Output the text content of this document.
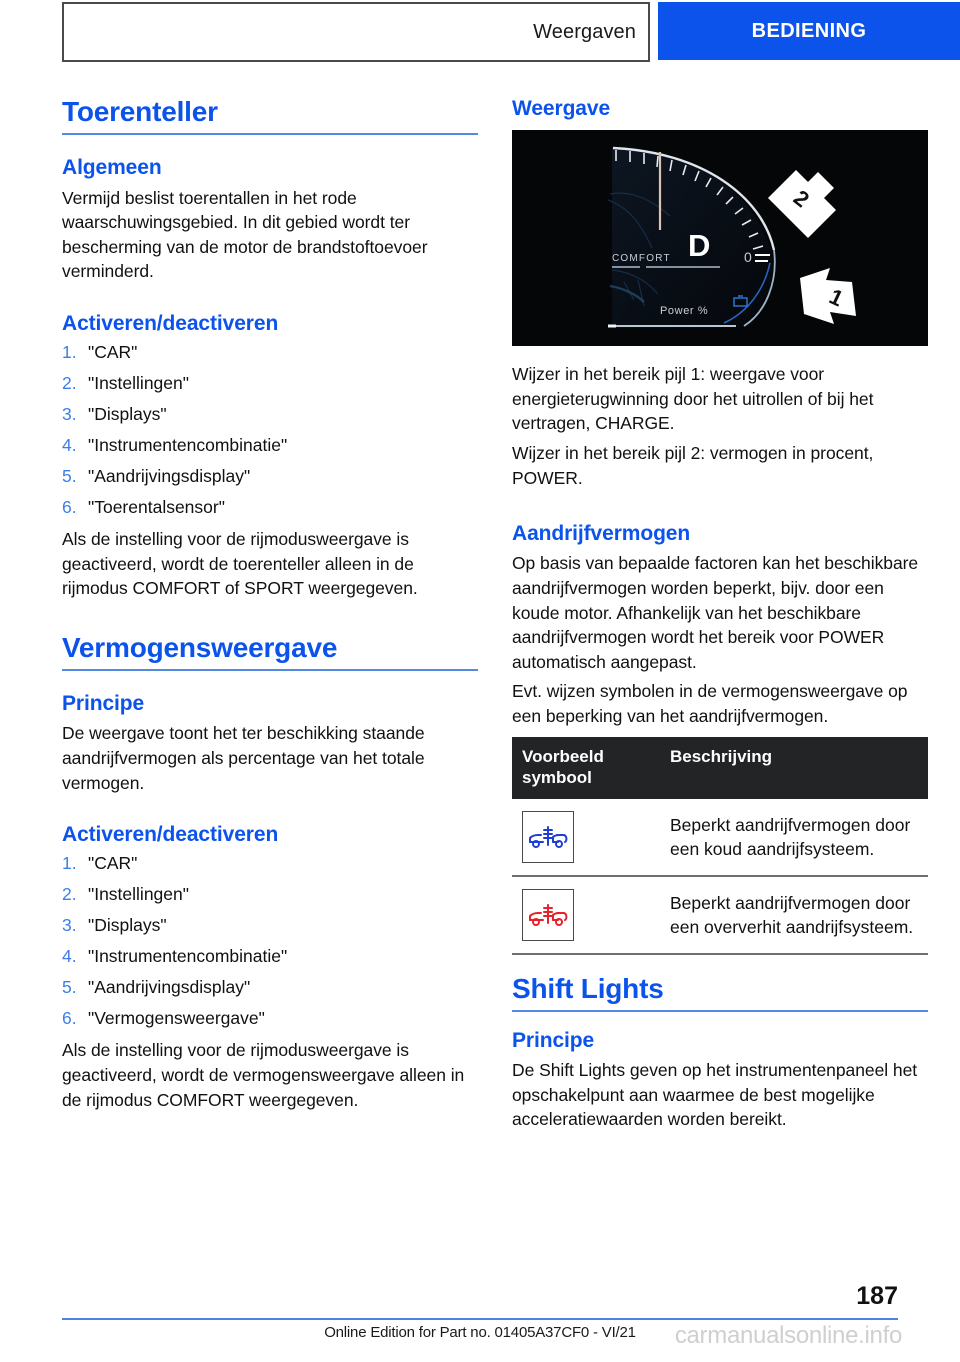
Weergaven	BEDIENING
Toerenteller
Algemeen

Vermijd beslist toerentallen in het rode waarschuwingsgebied. In dit gebied wordt ter bescherming van de motor de brandstoftoevoer verminderd.

Activeren/deactiveren
1. "CAR"
2. "Instellingen"
3. "Displays"
4. "Instrumentencombinatie"
5. "Aandrijvingsdisplay"
6. "Toerentalsensor"

Als de instelling voor de rijmodusweergave is geactiveerd, wordt de toerenteller alleen in de rijmodus COMFORT of SPORT weergegeven.

Vermogensweergave
Principe

De weergave toont het ter beschikking staande aandrijfvermogen als percentage van het totale vermogen.

Activeren/deactiveren
1. "CAR"
2. "Instellingen"
3. "Displays"
4. "Instrumentencombinatie"
5. "Aandrijvingsdisplay"
6. "Vermogensweergave"

Als de instelling voor de rijmodusweergave is geactiveerd, wordt de vermogensweergave alleen in de rijmodus COMFORT weergegeven.

Weergave
COMFORT D 0
Power %
2
1

Wijzer in het bereik pijl 1: weergave voor energieterugwinning door het uitrollen of bij het vertragen, CHARGE.

Wijzer in het bereik pijl 2: vermogen in procent, POWER.

Aandrijfvermogen

Op basis van bepaalde factoren kan het beschikbare aandrijfvermogen worden beperkt, bijv. door een koude motor. Afhankelijk van het beschikbare aandrijfvermogen wordt het bereik voor POWER automatisch aangepast.

Evt. wijzen symbolen in de vermogensweergave op een beperking van het aandrijfvermogen.

Voorbeeld symbool	Beschrijving

	Beperkt aandrijfvermogen door een koud aandrijfsysteem.

	Beperkt aandrijfvermogen door een oververhit aandrijfsysteem.
Shift Lights
Principe

De Shift Lights geven op het instrumentenpaneel het opschakelpunt aan waarmee de best mogelijke acceleratiewaarden worden bereikt.

187
Online Edition for Part no. 01405A37CF0 - VI/21	carmanualsonline.info
